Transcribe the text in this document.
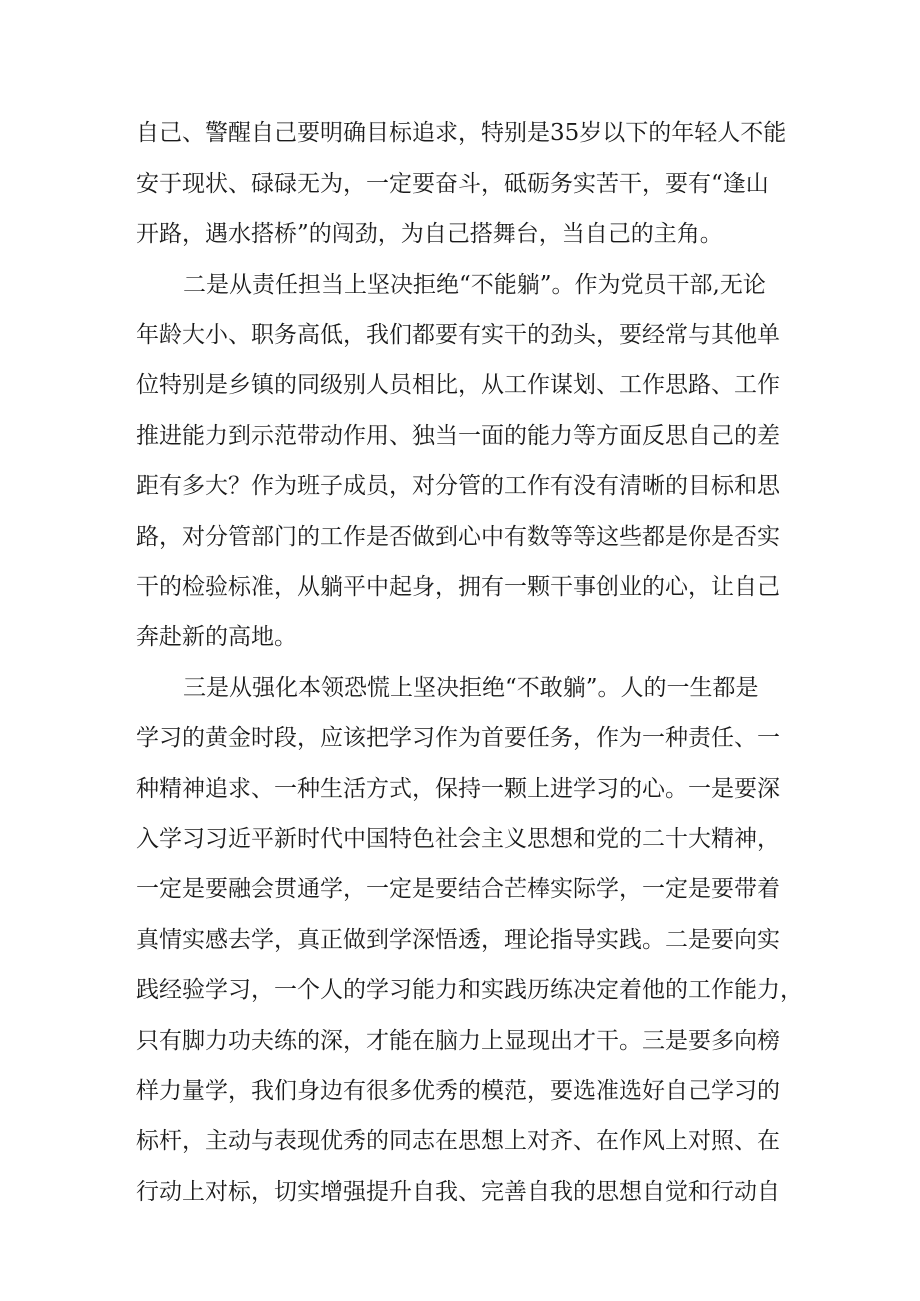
自己、警醒自己要明确目标追求，特别是35岁以下的年轻人不能
安于现状、碌碌无为，一定要奋斗，砥砺务实苦干，要有“逢山
开路，遇水搭桥”的闯劲，为自己搭舞台，当自己的主角。
二是从责任担当上坚决拒绝“不能躺”。作为党员干部,无论
年龄大小、职务高低，我们都要有实干的劲头，要经常与其他单
位特别是乡镇的同级别人员相比，从工作谋划、工作思路、工作
推进能力到示范带动作用、独当一面的能力等方面反思自己的差
距有多大？作为班子成员，对分管的工作有没有清晰的目标和思
路，对分管部门的工作是否做到心中有数等等这些都是你是否实
干的检验标准，从躺平中起身，拥有一颗干事创业的心，让自己
奔赴新的高地。
三是从强化本领恐慌上坚决拒绝“不敢躺”。人的一生都是
学习的黄金时段，应该把学习作为首要任务，作为一种责任、一
种精神追求、一种生活方式，保持一颗上进学习的心。一是要深
入学习习近平新时代中国特色社会主义思想和党的二十大精神，
一定是要融会贯通学，一定是要结合芒棒实际学，一定是要带着
真情实感去学，真正做到学深悟透，理论指导实践。二是要向实
践经验学习，一个人的学习能力和实践历练决定着他的工作能力，
只有脚力功夫练的深，才能在脑力上显现出才干。三是要多向榜
样力量学，我们身边有很多优秀的模范，要选准选好自己学习的
标杆，主动与表现优秀的同志在思想上对齐、在作风上对照、在
行动上对标，切实增强提升自我、完善自我的思想自觉和行动自
